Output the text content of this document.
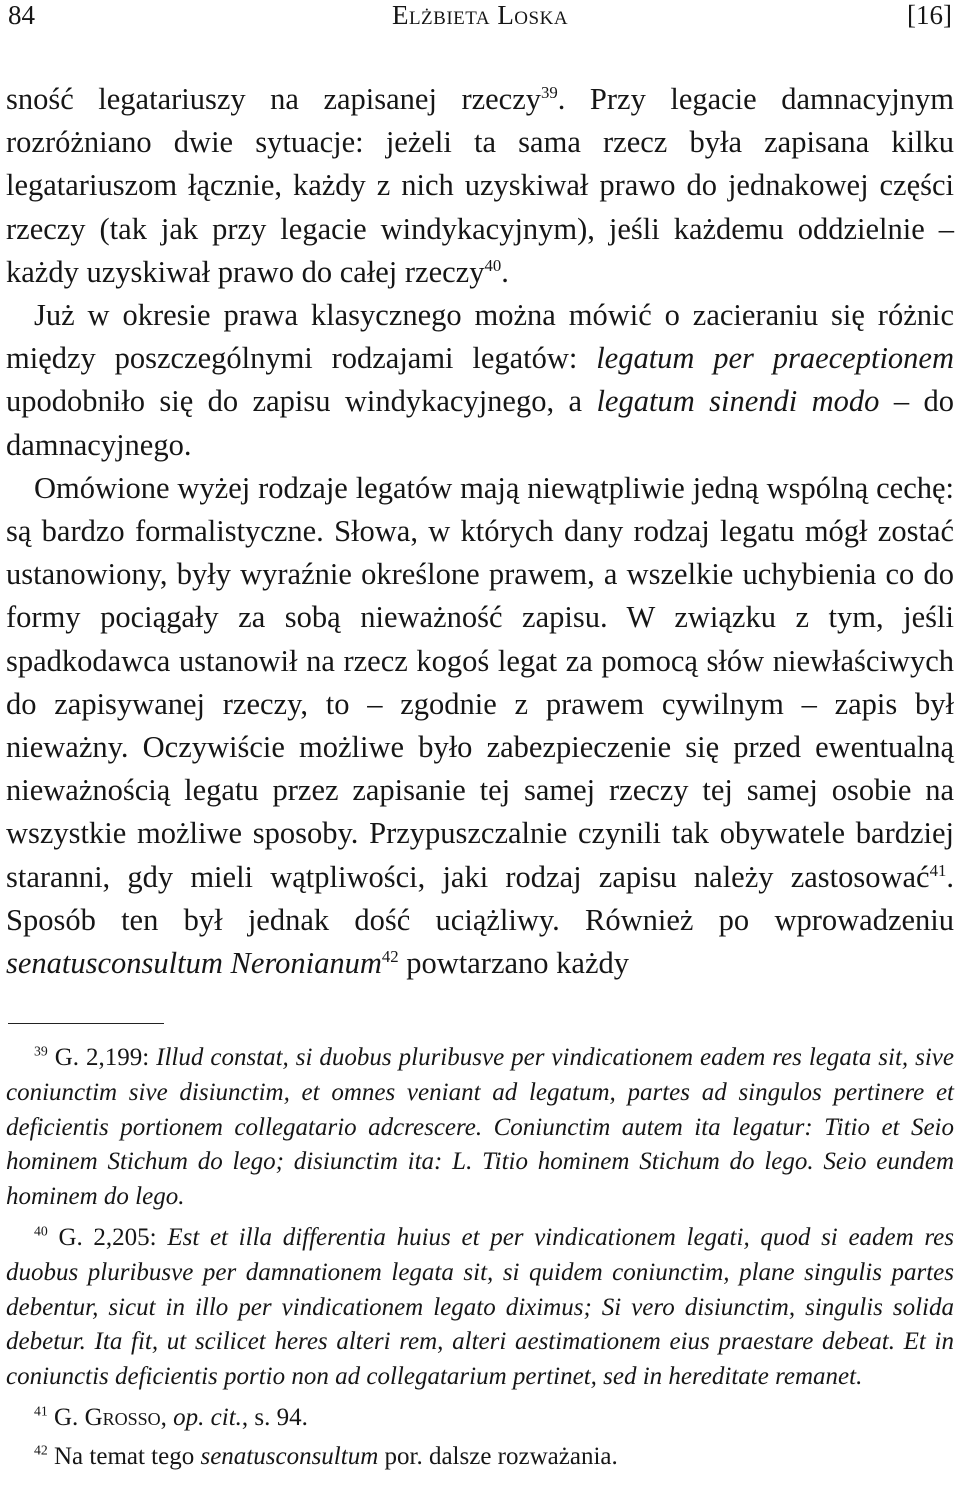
84	Elżbieta Loska	[16]

sność legatariuszy na zapisanej rzeczy$^{39}$. Przy legacie damnacyjnym rozróżniano dwie sytuacje: jeżeli ta sama rzecz była zapisana kilku legatariuszom łącznie, każdy z nich uzyskiwał prawo do jednakowej części rzeczy (tak jak przy legacie windykacyjnym), jeśli każdemu oddzielnie – każdy uzyskiwał prawo do całej rzeczy$^{40}$.

Już w okresie prawa klasycznego można mówić o zacieraniu się różnic między poszczególnymi rodzajami legatów: legatum per praeceptionem upodobniło się do zapisu windykacyjnego, a legatum sinendi modo – do damnacyjnego.

Omówione wyżej rodzaje legatów mają niewątpliwie jedną wspólną cechę: są bardzo formalistyczne. Słowa, w których dany rodzaj legatu mógł zostać ustanowiony, były wyraźnie określone prawem, a wszelkie uchybienia co do formy pociągały za sobą nieważność zapisu. W związku z tym, jeśli spadkodawca ustanowił na rzecz kogoś legat za pomocą słów niewłaściwych do zapisywanej rzeczy, to – zgodnie z prawem cywilnym – zapis był nieważny. Oczywiście możliwe było zabezpieczenie się przed ewentualną nieważnością legatu przez zapisanie tej samej rzeczy tej samej osobie na wszystkie możliwe sposoby. Przypuszczalnie czynili tak obywatele bardziej staranni, gdy mieli wątpliwości, jaki rodzaj zapisu należy zastosować$^{41}$. Sposób ten był jednak dość uciążliwy. Również po wprowadzeniu senatusconsultum Neronianum$^{42}$ powtarzano każdy

$^{39}$ G. 2,199: Illud constat, si duobus pluribusve per vindicationem eadem res legata sit, sive coniunctim sive disiunctim, et omnes veniant ad legatum, partes ad singulos pertinere et deficientis portionem collegatario adcrescere. Coniunctim autem ita legatur: Titio et Seio hominem Stichum do lego; disiunctim ita: L. Titio hominem Stichum do lego. Seio eundem hominem do lego.

$^{40}$ G. 2,205: Est et illa differentia huius et per vindicationem legati, quod si eadem res duobus pluribusve per damnationem legata sit, si quidem coniunctim, plane singulis partes debentur, sicut in illo per vindicationem legato diximus; Si vero disiunctim, singulis solida debetur. Ita fit, ut scilicet heres alteri rem, alteri aestimationem eius praestare debeat. Et in coniunctis deficientis portio non ad collegatarium pertinet, sed in hereditate remanet.

$^{41}$ G. Grosso, op. cit., s. 94.

$^{42}$ Na temat tego senatusconsultum por. dalsze rozważania.
